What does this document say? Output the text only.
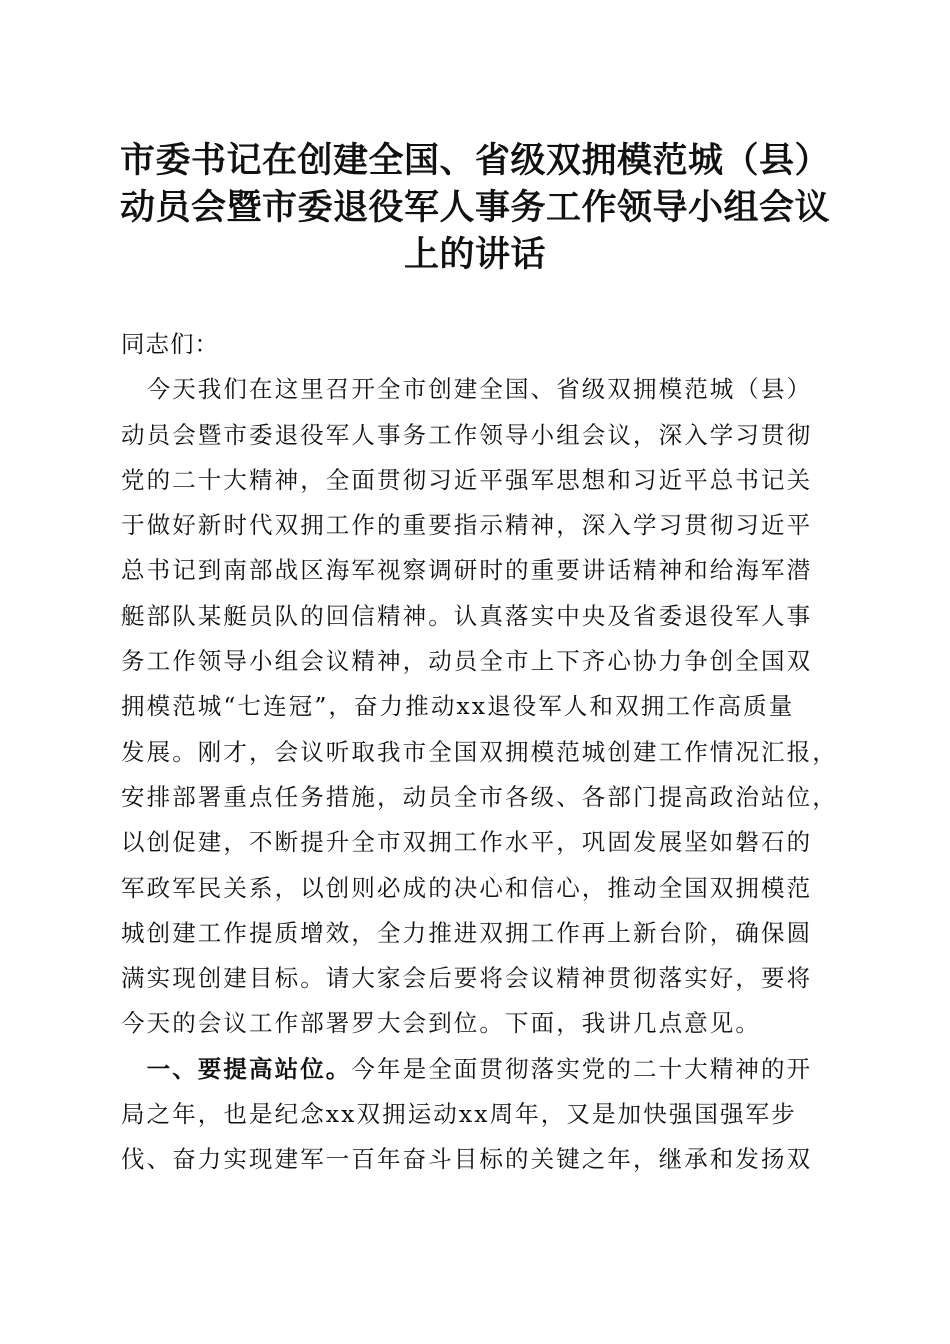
市委书记在创建全国、省级双拥模范城（县）
动员会暨市委退役军人事务工作领导小组会议
上的讲话
同志们：
　今天我们在这里召开全市创建全国、省级双拥模范城（县）
动员会暨市委退役军人事务工作领导小组会议，深入学习贯彻
党的二十大精神，全面贯彻习近平强军思想和习近平总书记关
于做好新时代双拥工作的重要指示精神，深入学习贯彻习近平
总书记到南部战区海军视察调研时的重要讲话精神和给海军潜
艇部队某艇员队的回信精神。认真落实中央及省委退役军人事
务工作领导小组会议精神，动员全市上下齐心协力争创全国双
拥模范城“七连冠”，奋力推动xx退役军人和双拥工作高质量
发展。刚才，会议听取我市全国双拥模范城创建工作情况汇报，
安排部署重点任务措施，动员全市各级、各部门提高政治站位，
以创促建，不断提升全市双拥工作水平，巩固发展坚如磐石的
军政军民关系，以创则必成的决心和信心，推动全国双拥模范
城创建工作提质增效，全力推进双拥工作再上新台阶，确保圆
满实现创建目标。请大家会后要将会议精神贯彻落实好，要将
今天的会议工作部署罗大会到位。下面，我讲几点意见。
　一、要提高站位。今年是全面贯彻落实党的二十大精神的开
局之年，也是纪念xx双拥运动xx周年，又是加快强国强军步
伐、奋力实现建军一百年奋斗目标的关键之年，继承和发扬双
